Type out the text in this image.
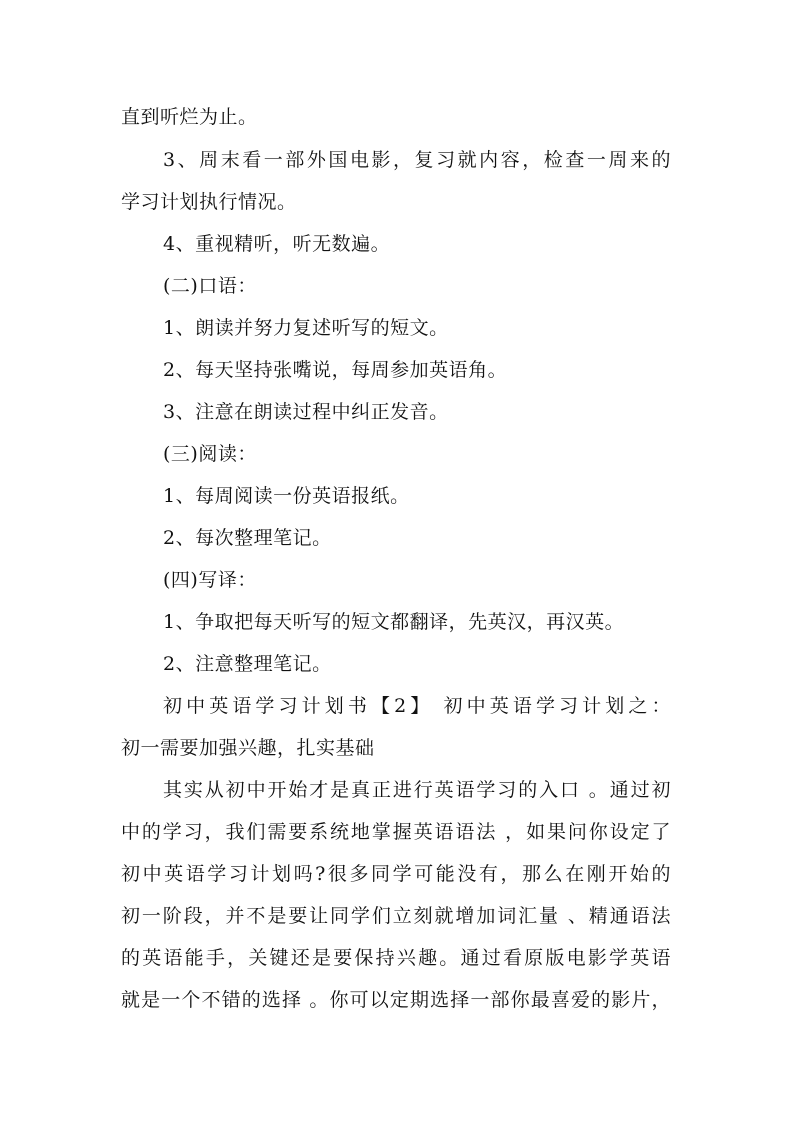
直到听烂为止。
3、周末看一部外国电影，复习就内容，检查一周来的
学习计划执行情况。
4、重视精听，听无数遍。
(二)口语：
1、朗读并努力复述听写的短文。
2、每天坚持张嘴说，每周参加英语角。
3、注意在朗读过程中纠正发音。
(三)阅读：
1、每周阅读一份英语报纸。
2、每次整理笔记。
(四)写译：
1、争取把每天听写的短文都翻译，先英汉，再汉英。
2、注意整理笔记。
初中英语学习计划书【2】 初中英语学习计划之：
初一需要加强兴趣，扎实基础
其实从初中开始才是真正进行英语学习的入口 。通过初
中的学习，我们需要系统地掌握英语语法 ，如果问你设定了
初中英语学习计划吗?很多同学可能没有，那么在刚开始的
初一阶段，并不是要让同学们立刻就增加词汇量 、精通语法
的英语能手，关键还是要保持兴趣。通过看原版电影学英语
就是一个不错的选择 。你可以定期选择一部你最喜爱的影片，
